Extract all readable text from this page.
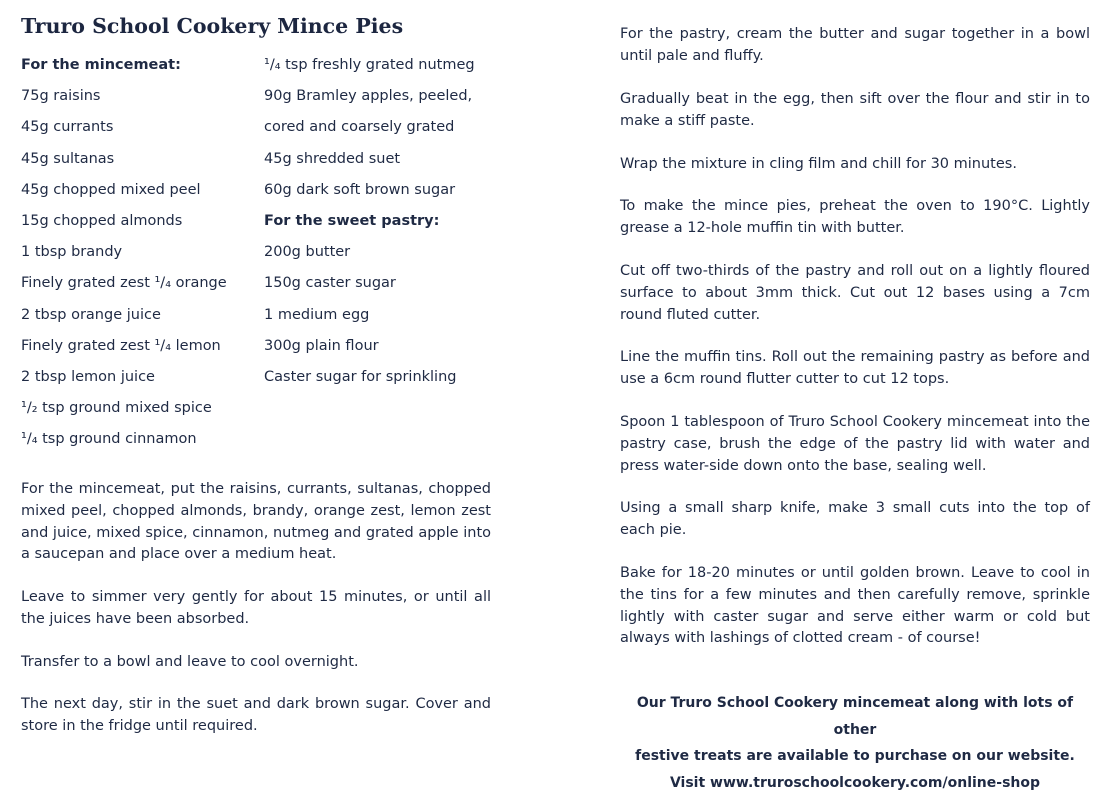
Truro School Cookery Mince Pies
For the mincemeat:
75g raisins
45g currants
45g sultanas
45g chopped mixed peel
15g chopped almonds
1 tbsp brandy
Finely grated zest ¹/₄ orange
2 tbsp orange juice
Finely grated zest ¹/₄ lemon
2 tbsp lemon juice
¹/₂ tsp ground mixed spice
¹/₄ tsp ground cinnamon
¹/₄ tsp freshly grated nutmeg
90g Bramley apples, peeled,
cored and coarsely grated
45g shredded suet
60g dark soft brown sugar
For the sweet pastry:
200g butter
150g caster sugar
1 medium egg
300g plain flour
Caster sugar for sprinkling

For the mincemeat, put the raisins, currants, sultanas, chopped mixed peel, chopped almonds, brandy, orange zest, lemon zest and juice, mixed spice, cinnamon, nutmeg and grated apple into a saucepan and place over a medium heat.

Leave to simmer very gently for about 15 minutes, or until all the juices have been absorbed.

Transfer to a bowl and leave to cool overnight.

The next day, stir in the suet and dark brown sugar. Cover and store in the fridge until required.

For the pastry, cream the butter and sugar together in a bowl until pale and fluffy.

Gradually beat in the egg, then sift over the flour and stir in to make a stiff paste.

Wrap the mixture in cling film and chill for 30 minutes.

To make the mince pies, preheat the oven to 190°C. Lightly grease a 12-hole muffin tin with butter.

Cut off two-thirds of the pastry and roll out on a lightly floured surface to about 3mm thick. Cut out 12 bases using a 7cm round fluted cutter.

Line the muffin tins. Roll out the remaining pastry as before and use a 6cm round flutter cutter to cut 12 tops.

Spoon 1 tablespoon of Truro School Cookery mincemeat into the pastry case, brush the edge of the pastry lid with water and press water-side down onto the base, sealing well.

Using a small sharp knife, make 3 small cuts into the top of each pie.

Bake for 18-20 minutes or until golden brown. Leave to cool in the tins for a few minutes and then carefully remove, sprinkle lightly with caster sugar and serve either warm or cold but always with lashings of clotted cream - of course!

Our Truro School Cookery mincemeat along with lots of other
festive treats are available to purchase on our website.
Visit www.truroschoolcookery.com/online-shop
